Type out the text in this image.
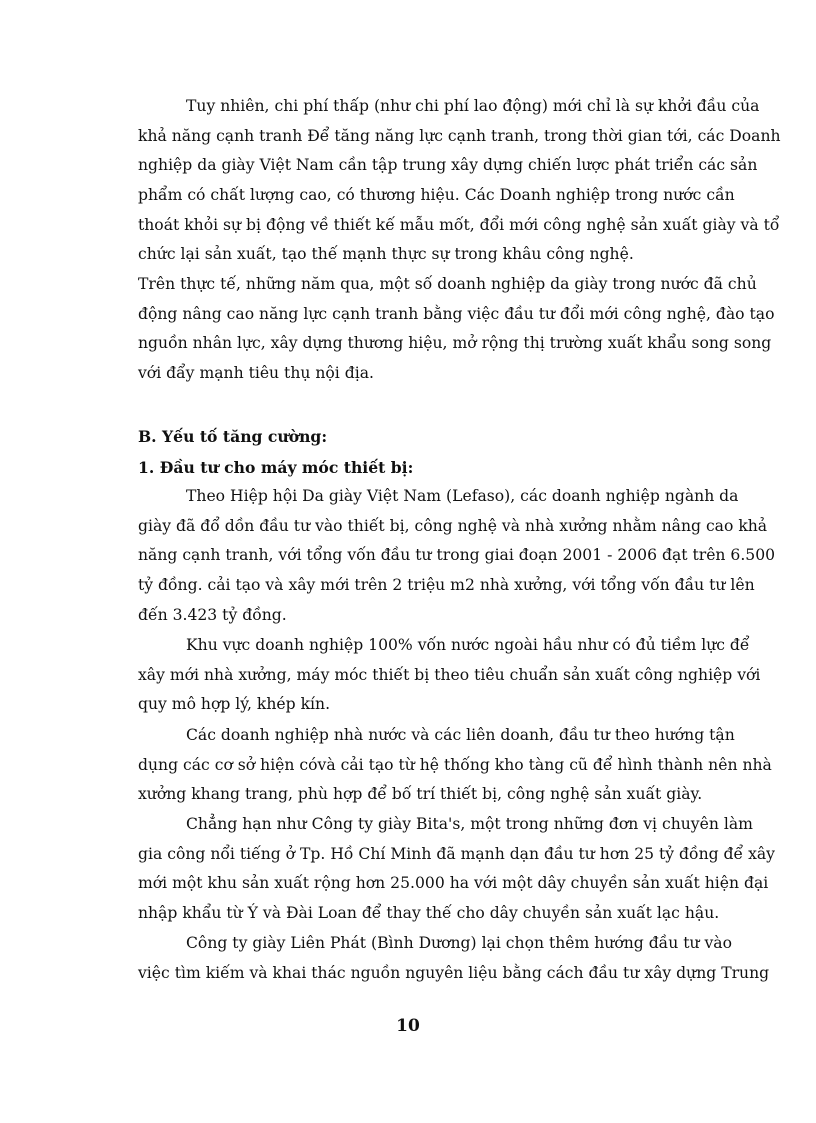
Tuy nhiên, chi phí thấp (như chi phí lao động) mới chỉ là sự khởi đầu của
khả năng cạnh tranh Để tăng năng lực cạnh tranh, trong thời gian tới, các Doanh
nghiệp da giày Việt Nam cần tập trung xây dựng chiến lược phát triển các sản
phẩm có chất lượng cao, có thương hiệu. Các Doanh nghiệp trong nước cần
thoát khỏi sự bị động về thiết kế mẫu mốt, đổi mới công nghệ sản xuất giày và tổ
chức lại sản xuất, tạo thế mạnh thực sự trong khâu công nghệ.
Trên thực tế, những năm qua, một số doanh nghiệp da giày trong nước đã chủ
động nâng cao năng lực cạnh tranh bằng việc đầu tư đổi mới công nghệ, đào tạo
nguồn nhân lực, xây dựng thương hiệu, mở rộng thị trường xuất khẩu song song
với đẩy mạnh tiêu thụ nội địa.
B. Yếu tố tăng cường:
1. Đầu tư cho máy móc thiết bị:
Theo Hiệp hội Da giày Việt Nam (Lefaso), các doanh nghiệp ngành da
giày đã đổ dồn đầu tư vào thiết bị, công nghệ và nhà xưởng nhằm nâng cao khả
năng cạnh tranh, với tổng vốn đầu tư trong giai đoạn 2001 - 2006 đạt trên 6.500
tỷ đồng. cải tạo và xây mới trên 2 triệu m2 nhà xưởng, với tổng vốn đầu tư lên
đến 3.423 tỷ đồng.
Khu vực doanh nghiệp 100% vốn nước ngoài hầu như có đủ tiềm lực để
xây mới nhà xưởng, máy móc thiết bị theo tiêu chuẩn sản xuất công nghiệp với
quy mô hợp lý, khép kín.
Các doanh nghiệp nhà nước và các liên doanh, đầu tư theo hướng tận
dụng các cơ sở hiện cóvà cải tạo từ hệ thống kho tàng cũ để hình thành nên nhà
xưởng khang trang, phù hợp để bố trí thiết bị, công nghệ sản xuất giày.
Chẳng hạn như Công ty giày Bita's, một trong những đơn vị chuyên làm
gia công nổi tiếng ở Tp. Hồ Chí Minh đã mạnh dạn đầu tư hơn 25 tỷ đồng để xây
mới một khu sản xuất rộng hơn 25.000 ha với một dây chuyền sản xuất hiện đại
nhập khẩu từ Ý và Đài Loan để thay thế cho dây chuyền sản xuất lạc hậu.
Công ty giày Liên Phát (Bình Dương) lại chọn thêm hướng đầu tư vào
việc tìm kiếm và khai thác nguồn nguyên liệu bằng cách đầu tư xây dựng Trung
10
